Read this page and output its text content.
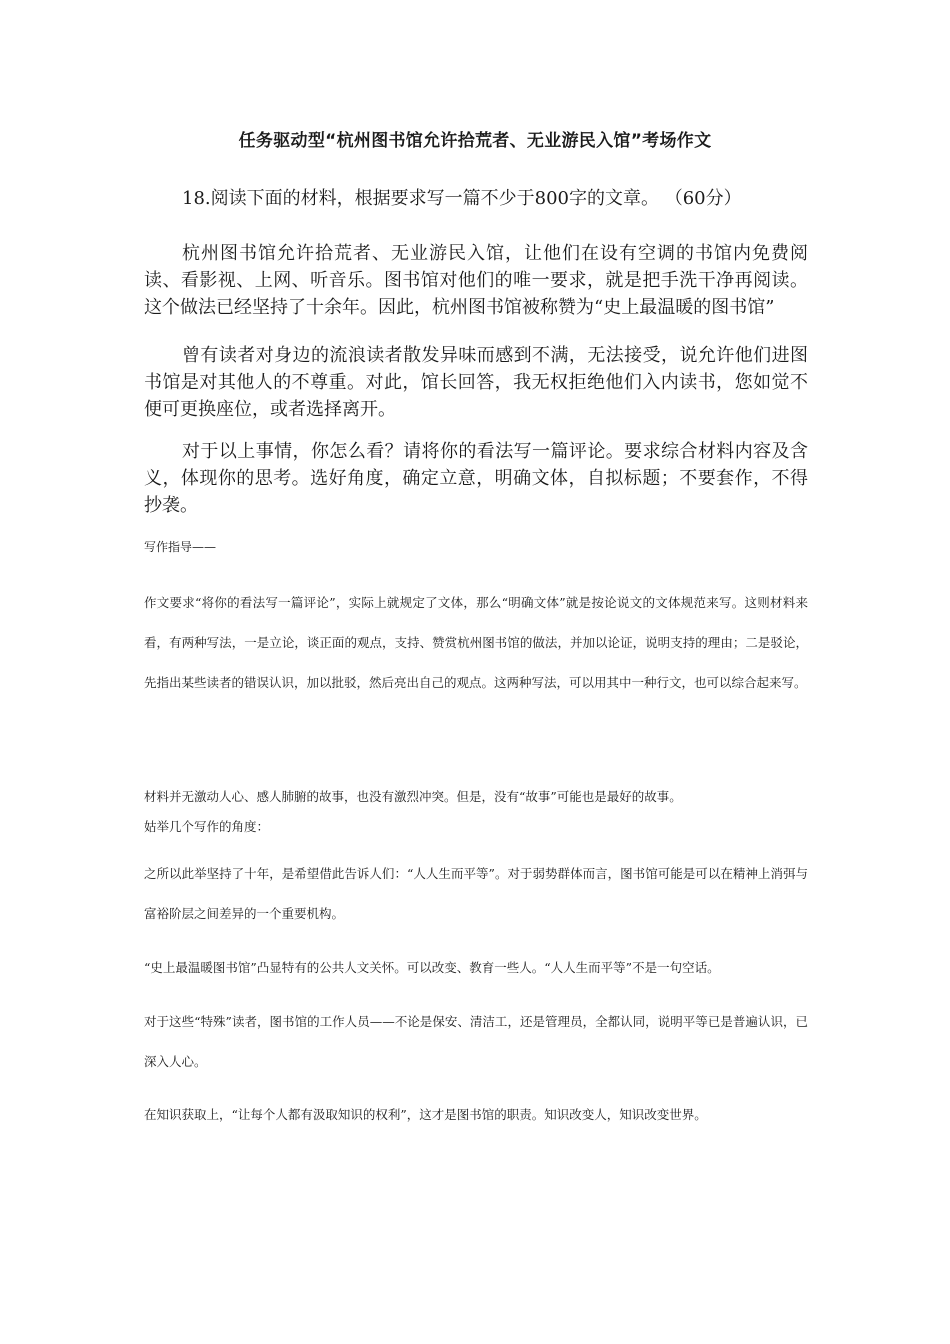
任务驱动型“杭州图书馆允许拾荒者、无业游民入馆”考场作文
18.阅读下面的材料，根据要求写一篇不少于800字的文章。 （60分）

杭州图书馆允许拾荒者、无业游民入馆，让他们在设有空调的书馆内免费阅读、看影视、上网、听音乐。图书馆对他们的唯一要求，就是把手洗干净再阅读。这个做法已经坚持了十余年。因此，杭州图书馆被称赞为“史上最温暖的图书馆”

曾有读者对身边的流浪读者散发异味而感到不满，无法接受，说允许他们进图书馆是对其他人的不尊重。对此，馆长回答，我无权拒绝他们入内读书，您如觉不便可更换座位，或者选择离开。

对于以上事情，你怎么看？请将你的看法写一篇评论。要求综合材料内容及含义，体现你的思考。选好角度，确定立意，明确文体，自拟标题；不要套作，不得抄袭。

写作指导——

作文要求“将你的看法写一篇评论”，实际上就规定了文体，那么“明确文体”就是按论说文的文体规范来写。这则材料来看，有两种写法，一是立论，谈正面的观点，支持、赞赏杭州图书馆的做法，并加以论证，说明支持的理由；二是驳论，先指出某些读者的错误认识，加以批驳，然后亮出自己的观点。这两种写法，可以用其中一种行文，也可以综合起来写。

材料并无激动人心、感人肺腑的故事，也没有激烈冲突。但是，没有“故事”可能也是最好的故事。

姑举几个写作的角度：

之所以此举坚持了十年，是希望借此告诉人们：“人人生而平等”。对于弱势群体而言，图书馆可能是可以在精神上消弭与富裕阶层之间差异的一个重要机构。

“史上最温暖图书馆”凸显特有的公共人文关怀。可以改变、教育一些人。“人人生而平等”不是一句空话。

对于这些“特殊”读者，图书馆的工作人员——不论是保安、清洁工，还是管理员，全都认同，说明平等已是普遍认识，已深入人心。

在知识获取上，“让每个人都有汲取知识的权利”，这才是图书馆的职责。知识改变人，知识改变世界。
